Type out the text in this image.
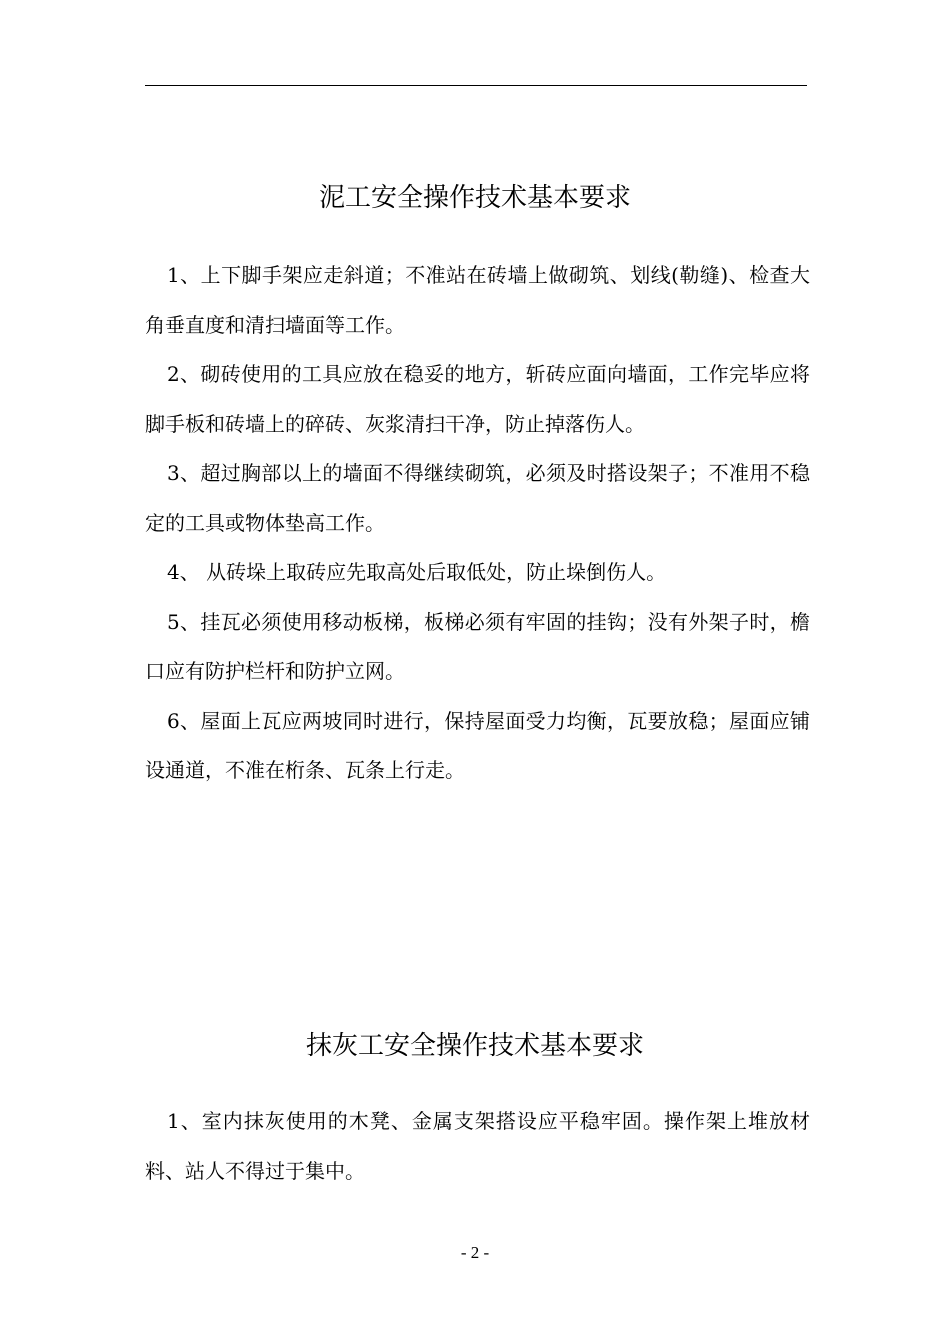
泥工安全操作技术基本要求

1、上下脚手架应走斜道；不准站在砖墙上做砌筑、划线(勒缝)、检查大角垂直度和清扫墙面等工作。

2、砌砖使用的工具应放在稳妥的地方，斩砖应面向墙面，工作完毕应将脚手板和砖墙上的碎砖、灰浆清扫干净，防止掉落伤人。

3、超过胸部以上的墙面不得继续砌筑，必须及时搭设架子；不准用不稳定的工具或物体垫高工作。

4、 从砖垛上取砖应先取高处后取低处，防止垛倒伤人。

5、挂瓦必须使用移动板梯，板梯必须有牢固的挂钩；没有外架子时，檐口应有防护栏杆和防护立网。

6、屋面上瓦应两坡同时进行，保持屋面受力均衡，瓦要放稳；屋面应铺设通道，不准在桁条、瓦条上行走。

抹灰工安全操作技术基本要求

1、室内抹灰使用的木凳、金属支架搭设应平稳牢固。操作架上堆放材料、站人不得过于集中。

- 2 -
